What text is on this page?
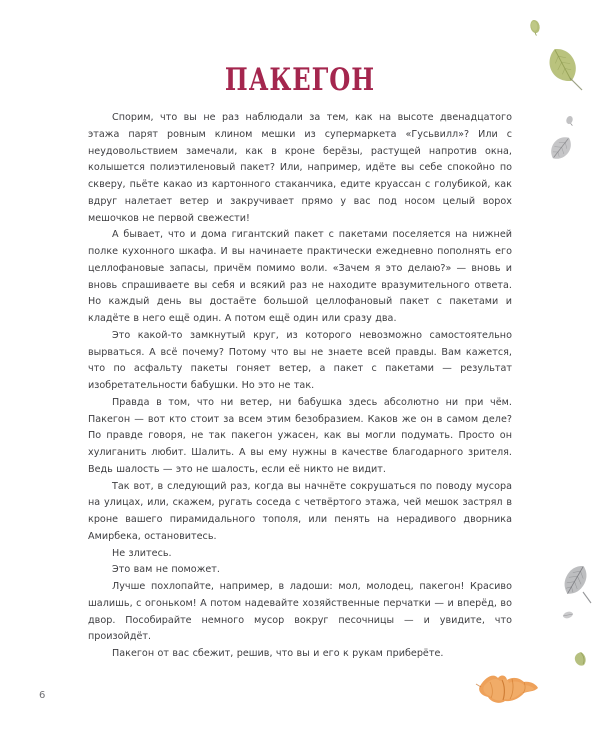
ПАКЕГОН

Спорим, что вы не раз наблюдали за тем, как на высоте двенадцатого этажа парят ровным клином мешки из супермаркета «Гусьвилл»? Или с неудовольствием замечали, как в кроне берёзы, растущей напротив окна, колышется полиэтиленовый пакет? Или, например, идёте вы себе спокойно по скверу, пьёте какао из картонного стаканчика, едите круассан с голубикой, как вдруг налетает ветер и закручивает прямо у вас под носом целый ворох мешочков не первой свежести!

А бывает, что и дома гигантский пакет с пакетами поселяется на нижней полке кухонного шкафа. И вы начинаете практически ежедневно пополнять его целлофановые запасы, причём помимо воли. «Зачем я это делаю?» — вновь и вновь спрашиваете вы себя и всякий раз не находите вразумительного ответа. Но каждый день вы достаёте большой целлофановый пакет с пакетами и кладёте в него ещё один. А потом ещё один или сразу два.

Это какой-то замкнутый круг, из которого невозможно самостоятельно вырваться. А всё почему? Потому что вы не знаете всей правды. Вам кажется, что по асфальту пакеты гоняет ветер, а пакет с пакетами — результат изобретательности бабушки. Но это не так.

Правда в том, что ни ветер, ни бабушка здесь абсолютно ни при чём. Пакегон — вот кто стоит за всем этим безобразием. Каков же он в самом деле? По правде говоря, не так пакегон ужасен, как вы могли подумать. Просто он хулиганить любит. Шалить. А вы ему нужны в качестве благодарного зрителя. Ведь шалость — это не шалость, если её никто не видит.

Так вот, в следующий раз, когда вы начнёте сокрушаться по поводу мусора на улицах, или, скажем, ругать соседа с четвёртого этажа, чей мешок застрял в кроне вашего пирамидального тополя, или пенять на нерадивого дворника Амирбека, остановитесь.

Не злитесь.

Это вам не поможет.

Лучше похлопайте, например, в ладоши: мол, молодец, пакегон! Красиво шалишь, с огоньком! А потом надевайте хозяйственные перчатки — и вперёд, во двор. Пособирайте немного мусор вокруг песочницы — и увидите, что произойдёт.

Пакегон от вас сбежит, решив, что вы и его к рукам приберёте.

6
